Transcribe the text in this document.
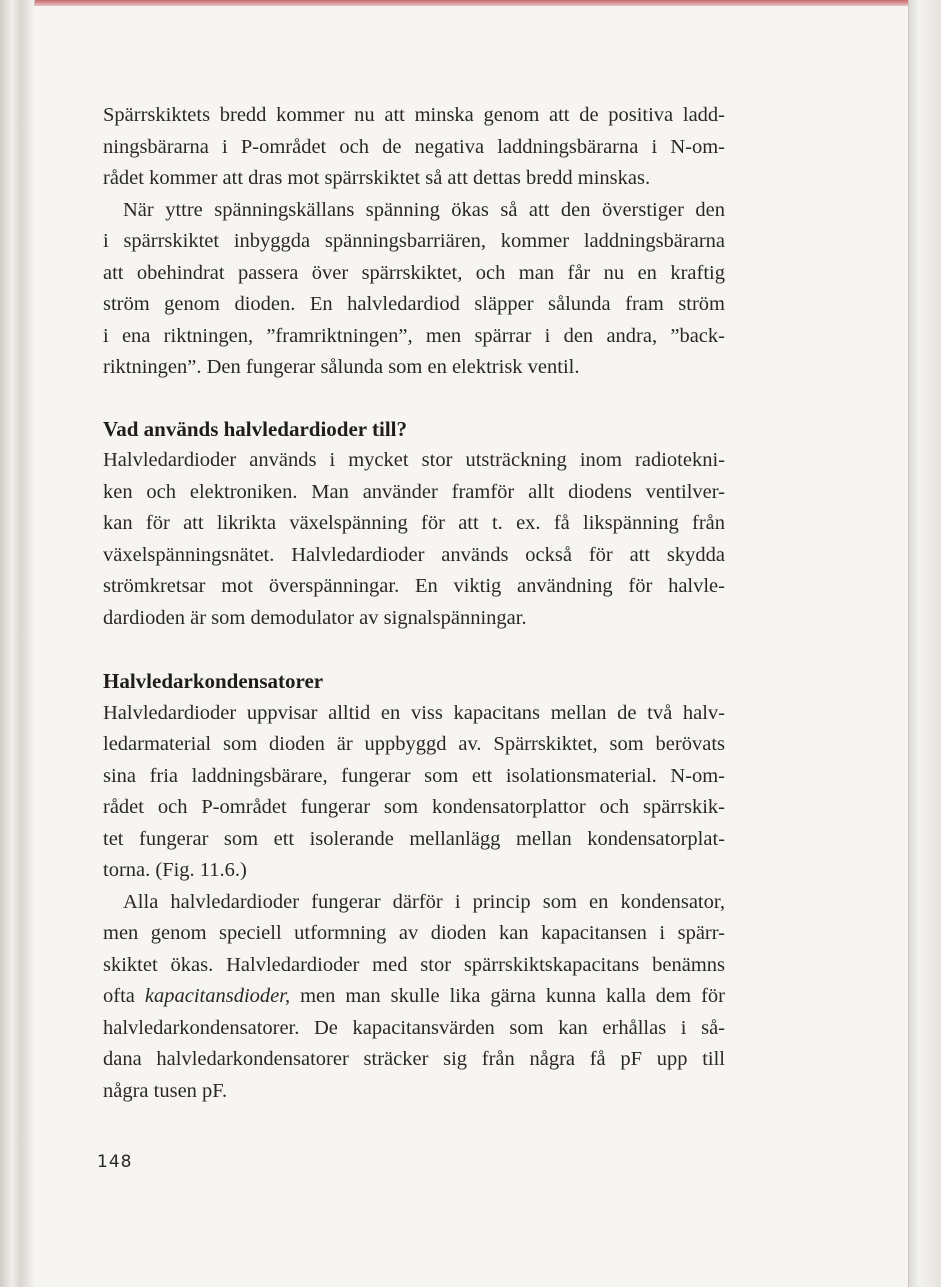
Spärrskiktets bredd kommer nu att minska genom att de positiva ladd-
ningsbärarna i P-området och de negativa laddningsbärarna i N-om-
rådet kommer att dras mot spärrskiktet så att dettas bredd minskas.
När yttre spänningskällans spänning ökas så att den överstiger den
i spärrskiktet inbyggda spänningsbarriären, kommer laddningsbärarna
att obehindrat passera över spärrskiktet, och man får nu en kraftig
ström genom dioden. En halvledardiod släpper sålunda fram ström
i ena riktningen, ”framriktningen”, men spärrar i den andra, ”back-
riktningen”. Den fungerar sålunda som en elektrisk ventil.
Vad används halvledardioder till?
Halvledardioder används i mycket stor utsträckning inom radiotekni-
ken och elektroniken. Man använder framför allt diodens ventilver-
kan för att likrikta växelspänning för att t. ex. få likspänning från
växelspänningsnätet. Halvledardioder används också för att skydda
strömkretsar mot överspänningar. En viktig användning för halvle-
dardioden är som demodulator av signalspänningar.
Halvledarkondensatorer
Halvledardioder uppvisar alltid en viss kapacitans mellan de två halv-
ledarmaterial som dioden är uppbyggd av. Spärrskiktet, som berövats
sina fria laddningsbärare, fungerar som ett isolationsmaterial. N-om-
rådet och P-området fungerar som kondensatorplattor och spärrskik-
tet fungerar som ett isolerande mellanlägg mellan kondensatorplat-
torna. (Fig. 11.6.)
Alla halvledardioder fungerar därför i princip som en kondensator,
men genom speciell utformning av dioden kan kapacitansen i spärr-
skiktet ökas. Halvledardioder med stor spärrskiktskapacitans benämns
ofta kapacitansdioder, men man skulle lika gärna kunna kalla dem för
halvledarkondensatorer. De kapacitansvärden som kan erhållas i så-
dana halvledarkondensatorer sträcker sig från några få pF upp till
några tusen pF.
148
